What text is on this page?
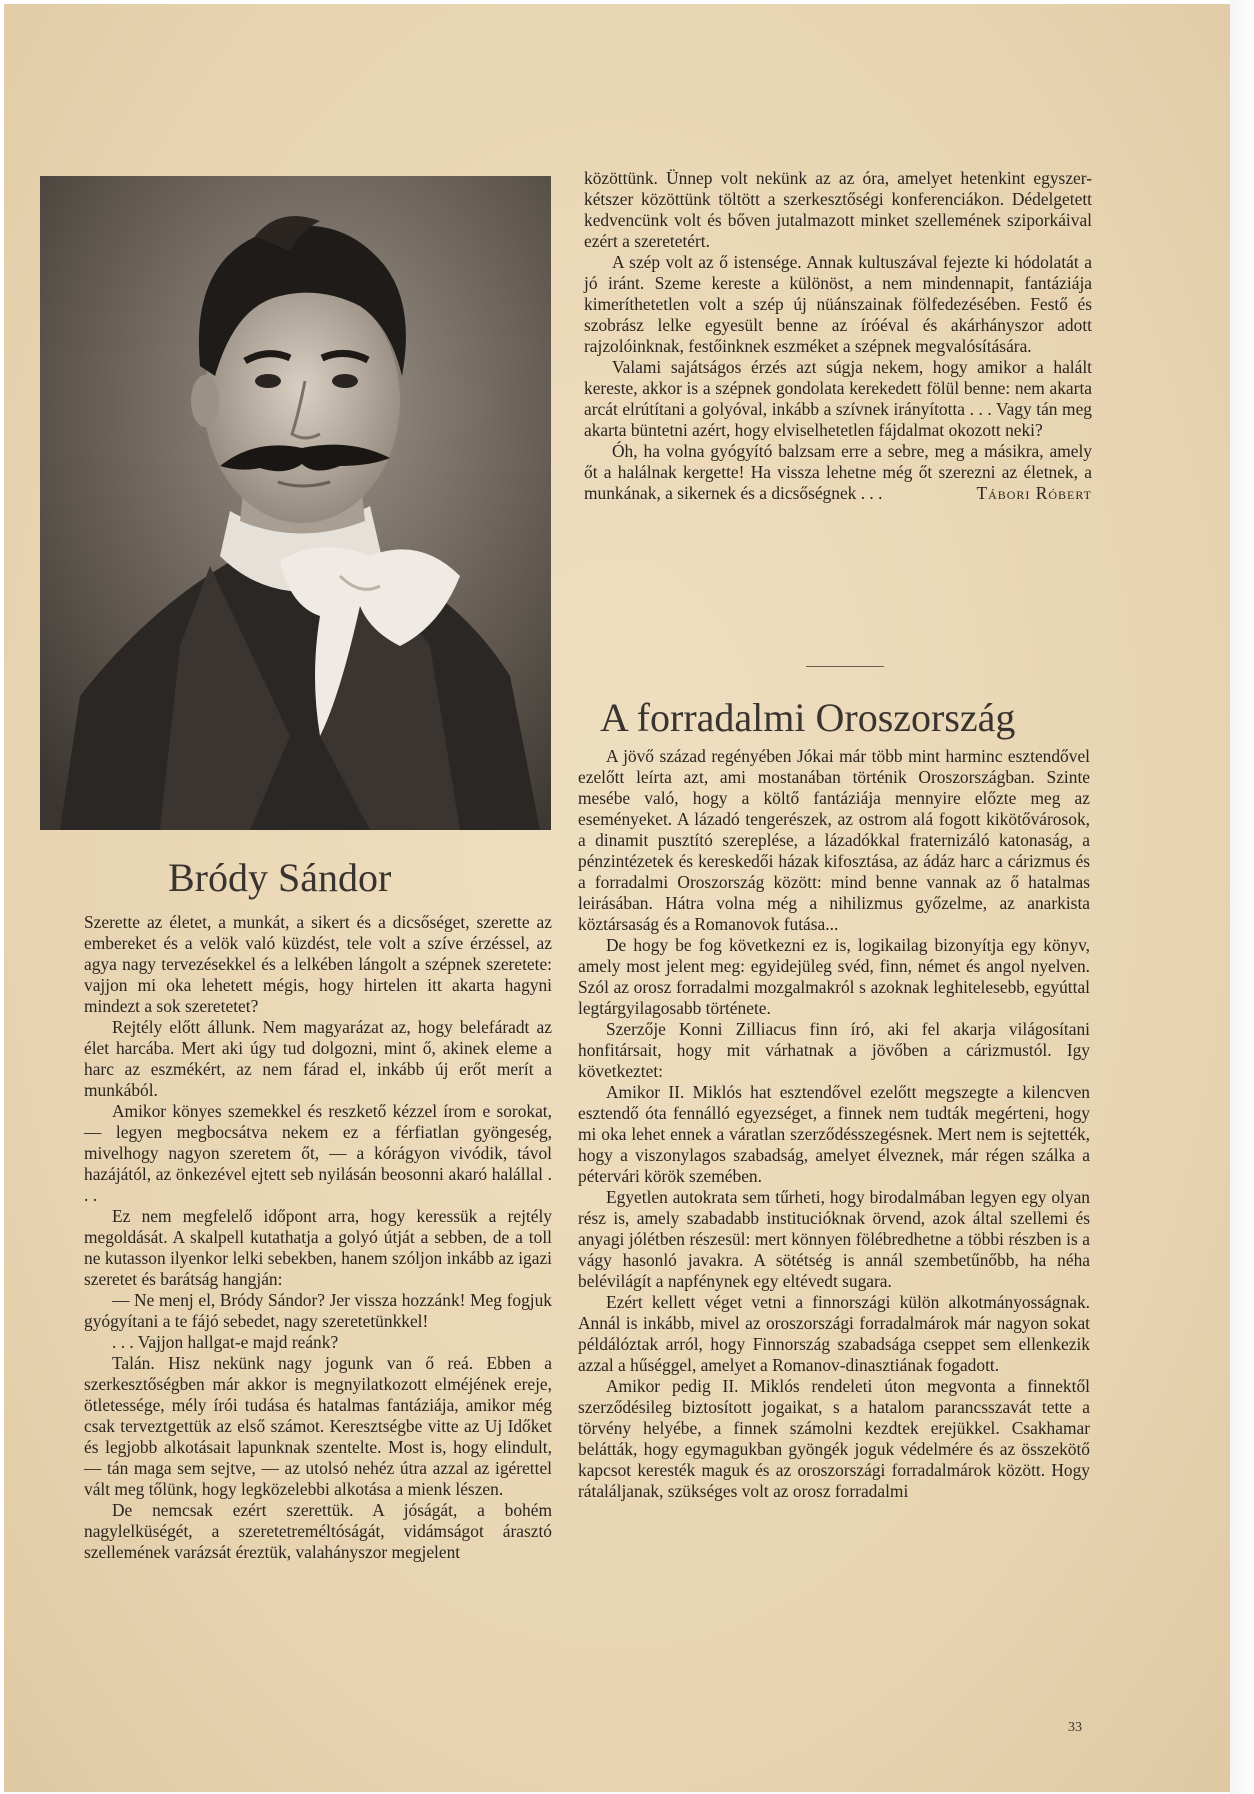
közöttünk. Ünnep volt nekünk az az óra, amelyet hetenkint egyszer-kétszer közöttünk töltött a szerkesztőségi konferenciákon. Dédelgetett kedvencünk volt és bőven jutalmazott minket szellemének sziporkáival ezért a szeretetért.

A szép volt az ő istensége. Annak kultuszával fejezte ki hódolatát a jó iránt. Szeme kereste a különöst, a nem mindennapit, fantáziája kimeríthetetlen volt a szép új nüánszainak fölfedezésében. Festő és szobrász lelke egyesült benne az íróéval és akárhányszor adott rajzolóinknak, festőinknek eszméket a szépnek megvalósítására.

Valami sajátságos érzés azt súgja nekem, hogy amikor a halált kereste, akkor is a szépnek gondolata kerekedett fölül benne: nem akarta arcát elrútítani a golyóval, inkább a szívnek irányította . . . Vagy tán meg akarta büntetni azért, hogy elviselhetetlen fájdalmat okozott neki?

Óh, ha volna gyógyító balzsam erre a sebre, meg a másikra, amely őt a halálnak kergette! Ha vissza lehetne még őt szerezni az életnek, a munkának, a sikernek és a dicsőségnek . . .	Tábori Róbert

A forradalmi Oroszország
Bródy Sándor

Szerette az életet, a munkát, a sikert és a dicsőséget, szerette az embereket és a velök való küzdést, tele volt a szíve érzéssel, az agya nagy tervezésekkel és a lelkében lángolt a szépnek szeretete: vajjon mi oka lehetett mégis, hogy hirtelen itt akarta hagyni mindezt a sok szeretetet?

Rejtély előtt állunk. Nem magyarázat az, hogy belefáradt az élet harcába. Mert aki úgy tud dolgozni, mint ő, akinek eleme a harc az eszmékért, az nem fárad el, inkább új erőt merít a munkából.

Amikor könyes szemekkel és reszkető kézzel írom e sorokat, — legyen megbocsátva nekem ez a férfiatlan gyöngeség, mivelhogy nagyon szeretem őt, — a kórágyon vivódik, távol hazájától, az önkezével ejtett seb nyilásán beosonni akaró halállal . . .

Ez nem megfelelő időpont arra, hogy keressük a rejtély megoldását. A skalpell kutathatja a golyó útját a sebben, de a toll ne kutasson ilyenkor lelki sebekben, hanem szóljon inkább az igazi szeretet és barátság hangján:

— Ne menj el, Bródy Sándor? Jer vissza hozzánk! Meg fogjuk gyógyítani a te fájó sebedet, nagy szeretetünkkel!

. . . Vajjon hallgat-e majd reánk?

Talán. Hisz nekünk nagy jogunk van ő reá. Ebben a szerkesztőségben már akkor is megnyilatkozott elméjének ereje, ötletessége, mély írói tudása és hatalmas fantáziája, amikor még csak terveztgettük az első számot. Keresztségbe vitte az Uj Időket és legjobb alkotásait lapunknak szentelte. Most is, hogy elindult, — tán maga sem sejtve, — az utolsó nehéz útra azzal az igérettel vált meg tőlünk, hogy legközelebbi alkotása a mienk lészen.

De nemcsak ezért szerettük. A jóságát, a bohém nagylelküségét, a szeretetreméltóságát, vidámságot árasztó szellemének varázsát éreztük, valahányszor megjelent

A jövő század regényében Jókai már több mint harminc esztendővel ezelőtt leírta azt, ami mostanában történik Oroszországban. Szinte mesébe való, hogy a költő fantáziája mennyire előzte meg az eseményeket. A lázadó tengerészek, az ostrom alá fogott kikötővárosok, a dinamit pusztító szereplése, a lázadókkal fraternizáló katonaság, a pénzintézetek és kereskedői házak kifosztása, az ádáz harc a cárizmus és a forradalmi Oroszország között: mind benne vannak az ő hatalmas leirásában. Hátra volna még a nihilizmus győzelme, az anarkista köztársaság és a Romanovok futása...

De hogy be fog következni ez is, logikailag bizonyítja egy könyv, amely most jelent meg: egyidejüleg svéd, finn, német és angol nyelven. Szól az orosz forradalmi mozgalmakról s azoknak leghitelesebb, egyúttal legtárgyilagosabb története.

Szerzője Konni Zilliacus finn író, aki fel akarja világosítani honfitársait, hogy mit várhatnak a jövőben a cárizmustól. Igy következtet:

Amikor II. Miklós hat esztendővel ezelőtt megszegte a kilencven esztendő óta fennálló egyezséget, a finnek nem tudták megérteni, hogy mi oka lehet ennek a váratlan szerződésszegésnek. Mert nem is sejtették, hogy a viszonylagos szabadság, amelyet élveznek, már régen szálka a pétervári körök szemében.

Egyetlen autokrata sem tűrheti, hogy birodalmában legyen egy olyan rész is, amely szabadabb institucióknak örvend, azok által szellemi és anyagi jólétben részesül: mert könnyen fölébredhetne a többi részben is a vágy hasonló javakra. A sötétség is annál szembetűnőbb, ha néha belévilágít a napfénynek egy eltévedt sugara.

Ezért kellett véget vetni a finnországi külön alkotmányosságnak. Annál is inkább, mivel az oroszországi forradalmárok már nagyon sokat példálóztak arról, hogy Finnország szabadsága cseppet sem ellenkezik azzal a hűséggel, amelyet a Romanov-dinasztiának fogadott.

Amikor pedig II. Miklós rendeleti úton megvonta a finnektől szerződésileg biztosított jogaikat, s a hatalom parancsszavát tette a törvény helyébe, a finnek számolni kezdtek erejükkel. Csakhamar belátták, hogy egymagukban gyöngék joguk védelmére és az összekötő kapcsot keresték maguk és az oroszországi forradalmárok között. Hogy rátaláljanak, szükséges volt az orosz forradalmi

33
